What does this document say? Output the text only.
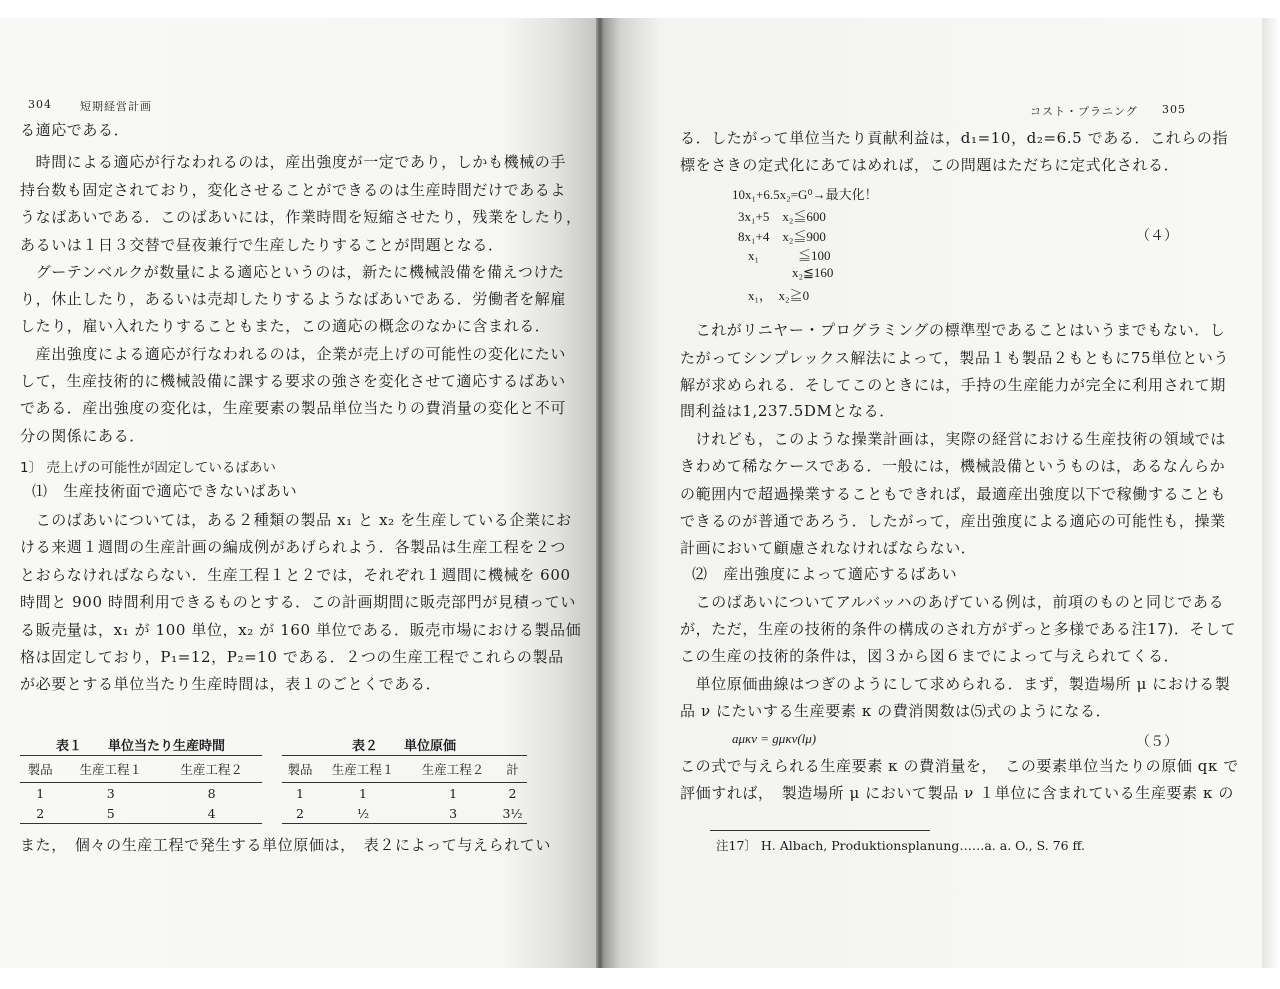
304	短期経営計画
る適応である．
　時間による適応が行なわれるのは，産出強度が一定であり，しかも機械の手
持台数も固定されており，変化させることができるのは生産時間だけであるよ
うなばあいである．このばあいには，作業時間を短縮させたり，残業をしたり，
あるいは１日３交替で昼夜兼行で生産したりすることが問題となる．
　グーテンベルクが数量による適応というのは，新たに機械設備を備えつけた
り，休止したり，あるいは売却したりするようなばあいである．労働者を解雇
したり，雇い入れたりすることもまた，この適応の概念のなかに含まれる．
　産出強度による適応が行なわれるのは，企業が売上げの可能性の変化にたい
して，生産技術的に機械設備に課する要求の強さを変化させて適応するばあい
である．産出強度の変化は，生産要素の製品単位当たりの費消量の変化と不可
分の関係にある．
1〕 売上げの可能性が固定しているばあい
⑴　生産技術面で適応できないばあい
　このばあいについては，ある２種類の製品 x₁ と x₂ を生産している企業にお
ける来週１週間の生産計画の編成例があげられよう．各製品は生産工程を２つ
とおらなければならない．生産工程１と２では，それぞれ１週間に機械を 600
時間と 900 時間利用できるものとする．この計画期間に販売部門が見積ってい
る販売量は，x₁ が 100 単位，x₂ が 160 単位である．販売市場における製品価
格は固定しており，P₁=12，P₂=10 である．２つの生産工程でこれらの製品
が必要とする単位当たり生産時間は，表１のごとくである．
表１　　単位当たり生産時間
製品	生産工程１	生産工程２
1	3	8
2	5	4
表２　　単位原価
製品	生産工程１	生産工程２	計
1	1	1	2
2	½	3	3½
また，　個々の生産工程で発生する単位原価は，　表２によって与えられてい
コスト・プラニング 305
る．したがって単位当たり貢献利益は，d₁=10，d₂=6.5 である．これらの指
標をさきの定式化にあてはめれば，この問題はただちに定式化される．
10x₁+6.5x₂=G⁰→最大化！
3x₁+5　x₂≦600
8x₁+4　x₂≦900
x₁　　　≦100
x₂≦160
x₁，　x₂≧0
（４）
　これがリニヤー・プログラミングの標準型であることはいうまでもない．し
たがってシンプレックス解法によって，製品１も製品２もともに75単位という
解が求められる．そしてこのときには，手持の生産能力が完全に利用されて期
間利益は1,237.5DMとなる．
　けれども，このような操業計画は，実際の経営における生産技術の領域では
きわめて稀なケースである．一般には，機械設備というものは，あるなんらか
の範囲内で超過操業することもできれば，最適産出強度以下で稼働することも
できるのが普通であろう．したがって，産出強度による適応の可能性も，操業
計画において顧慮されなければならない．
⑵　産出強度によって適応するばあい
　このばあいについてアルバッハのあげている例は，前項のものと同じである
が，ただ，生産の技術的条件の構成のされ方がずっと多様である注17)．そして
この生産の技術的条件は，図３から図６までによって与えられてくる．
　単位原価曲線はつぎのようにして求められる．まず，製造場所 μ における製
品 ν にたいする生産要素 κ の費消関数は⑸式のようになる．
aμκν = gμκν(lμ)	（５）
この式で与えられる生産要素 κ の費消量を，　この要素単位当たりの原価 qκ で
評価すれば，　製造場所 μ において製品 ν １単位に含まれている生産要素 κ の
注17〕 H. Albach, Produktionsplanung……a. a. O., S. 76 ff.
